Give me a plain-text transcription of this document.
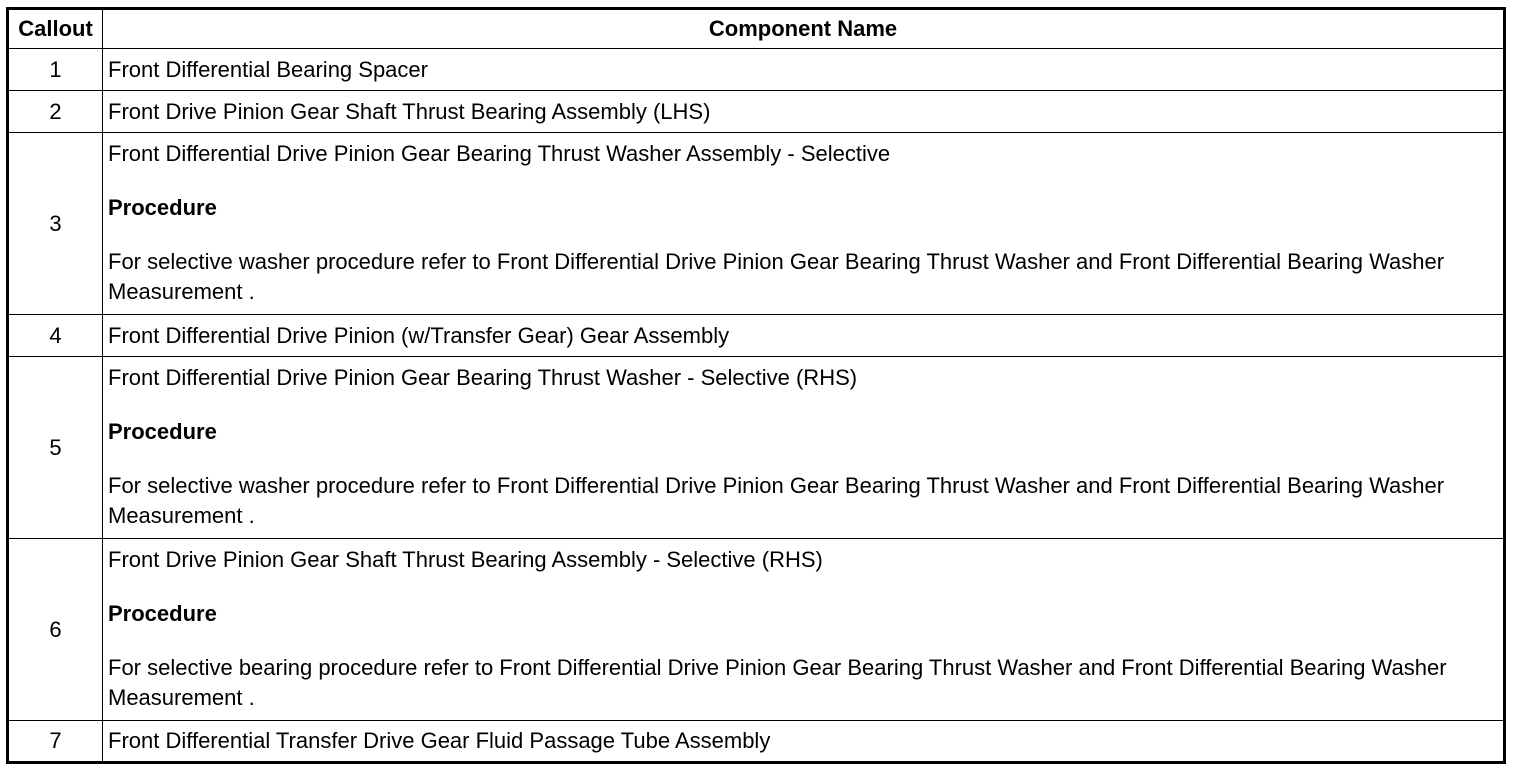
Callout	Component Name
1	Front Differential Bearing Spacer
2	Front Drive Pinion Gear Shaft Thrust Bearing Assembly (LHS)
3	Front Differential Drive Pinion Gear Bearing Thrust Washer Assembly - Selective
Procedure
For selective washer procedure refer to Front Differential Drive Pinion Gear Bearing Thrust Washer and Front Differential Bearing Washer Measurement .

4	Front Differential Drive Pinion (w/Transfer Gear) Gear Assembly
5	Front Differential Drive Pinion Gear Bearing Thrust Washer - Selective (RHS)
Procedure
For selective washer procedure refer to Front Differential Drive Pinion Gear Bearing Thrust Washer and Front Differential Bearing Washer Measurement .

6	Front Drive Pinion Gear Shaft Thrust Bearing Assembly - Selective (RHS)
Procedure
For selective bearing procedure refer to Front Differential Drive Pinion Gear Bearing Thrust Washer and Front Differential Bearing Washer Measurement .

7	Front Differential Transfer Drive Gear Fluid Passage Tube Assembly
